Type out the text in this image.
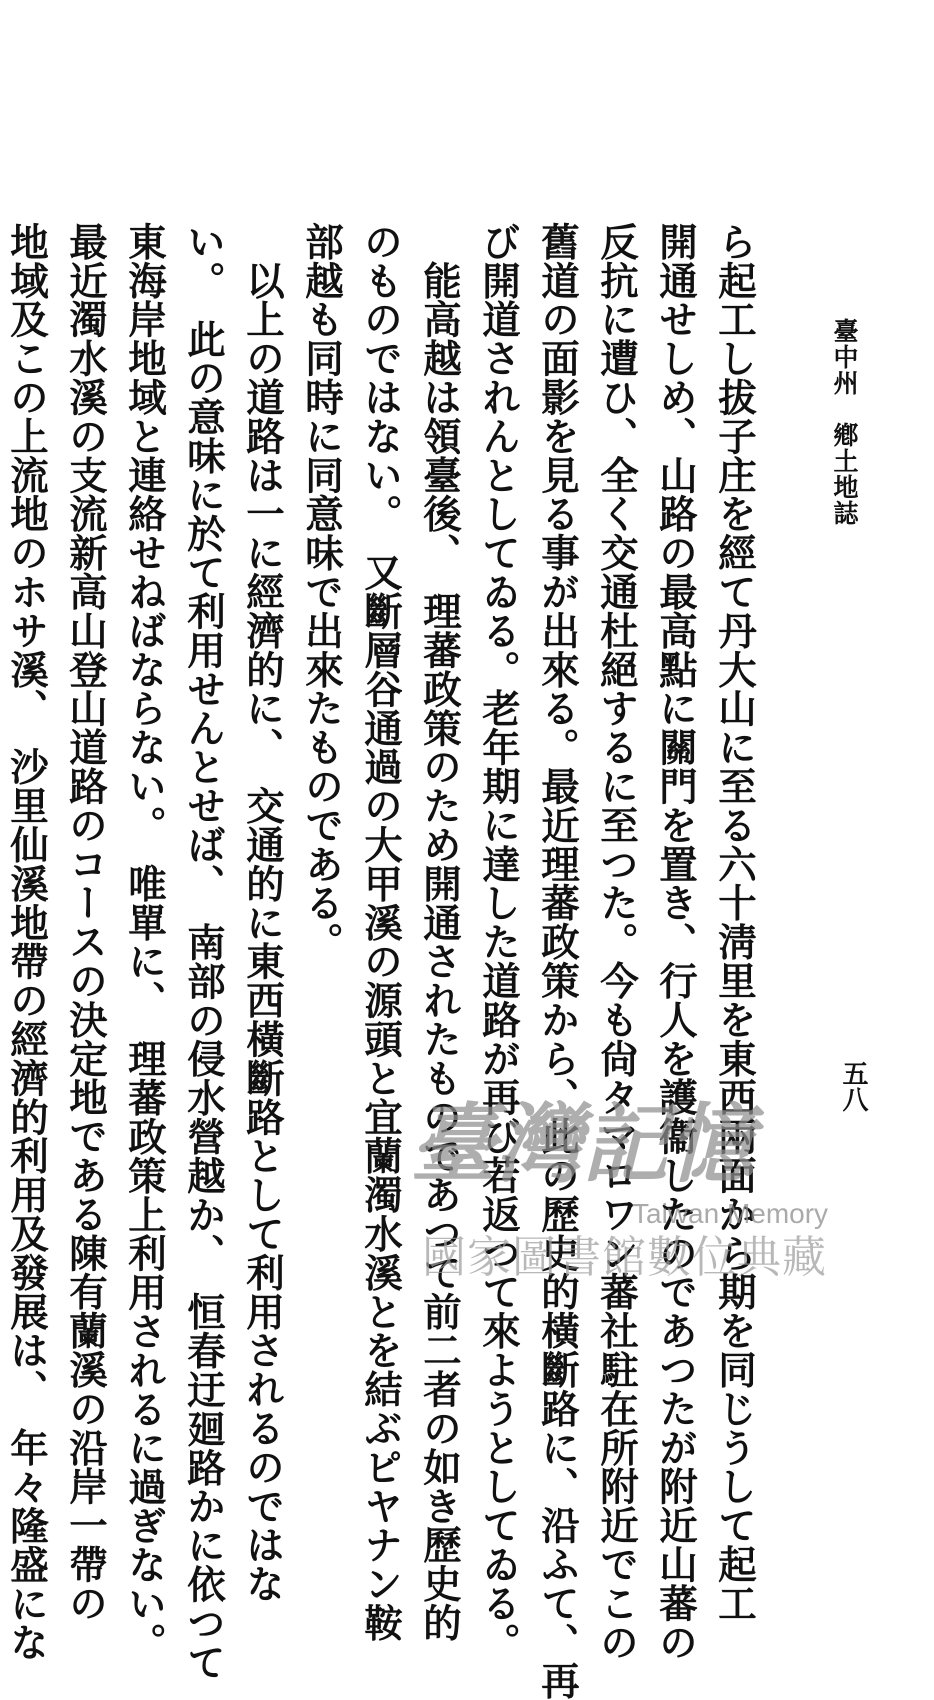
臺中州　鄕土地誌
五八
ら起工し拔子庄を經て丹大山に至る六十淸里を東西兩面から期を同じうして起工
開通せしめ、山路の最高點に關門を置き、行人を護衞したのであつたが附近山蕃の
反抗に遭ひ、全く交通杜絕するに至つた。今も尙タマロワン蕃社駐在所附近でこの
舊道の面影を見る事が出來る。最近理蕃政策から、此の歷史的橫斷路に、沿ふて、再
び開道されんとしてゐる。老年期に達した道路が再び若返つて來ようとしてゐる。
　能高越は領臺後、　理蕃政策のため開通されたものであつて前二者の如き歷史的
のものではない。　又斷層谷通過の大甲溪の源頭と宜蘭濁水溪とを結ぶピヤナン鞍
部越も同時に同意味で出來たものである。
　以上の道路は一に經濟的に、　交通的に東西橫斷路として利用されるのではな
い。　此の意味に於て利用せんとせば、　南部の侵水營越か、　恒春迂廻路かに依つて
東海岸地域と連絡せねばならない。　唯單に、　理蕃政策上利用されるに過ぎない。
最近濁水溪の支流新高山登山道路のコースの決定地である陳有蘭溪の沿岸一帶の
地域及この上流地のホサ溪、　沙里仙溪地帶の經濟的利用及發展は、　年々隆盛にな	臺灣記憶
Taiwan Memory
國家圖書館數位典藏
